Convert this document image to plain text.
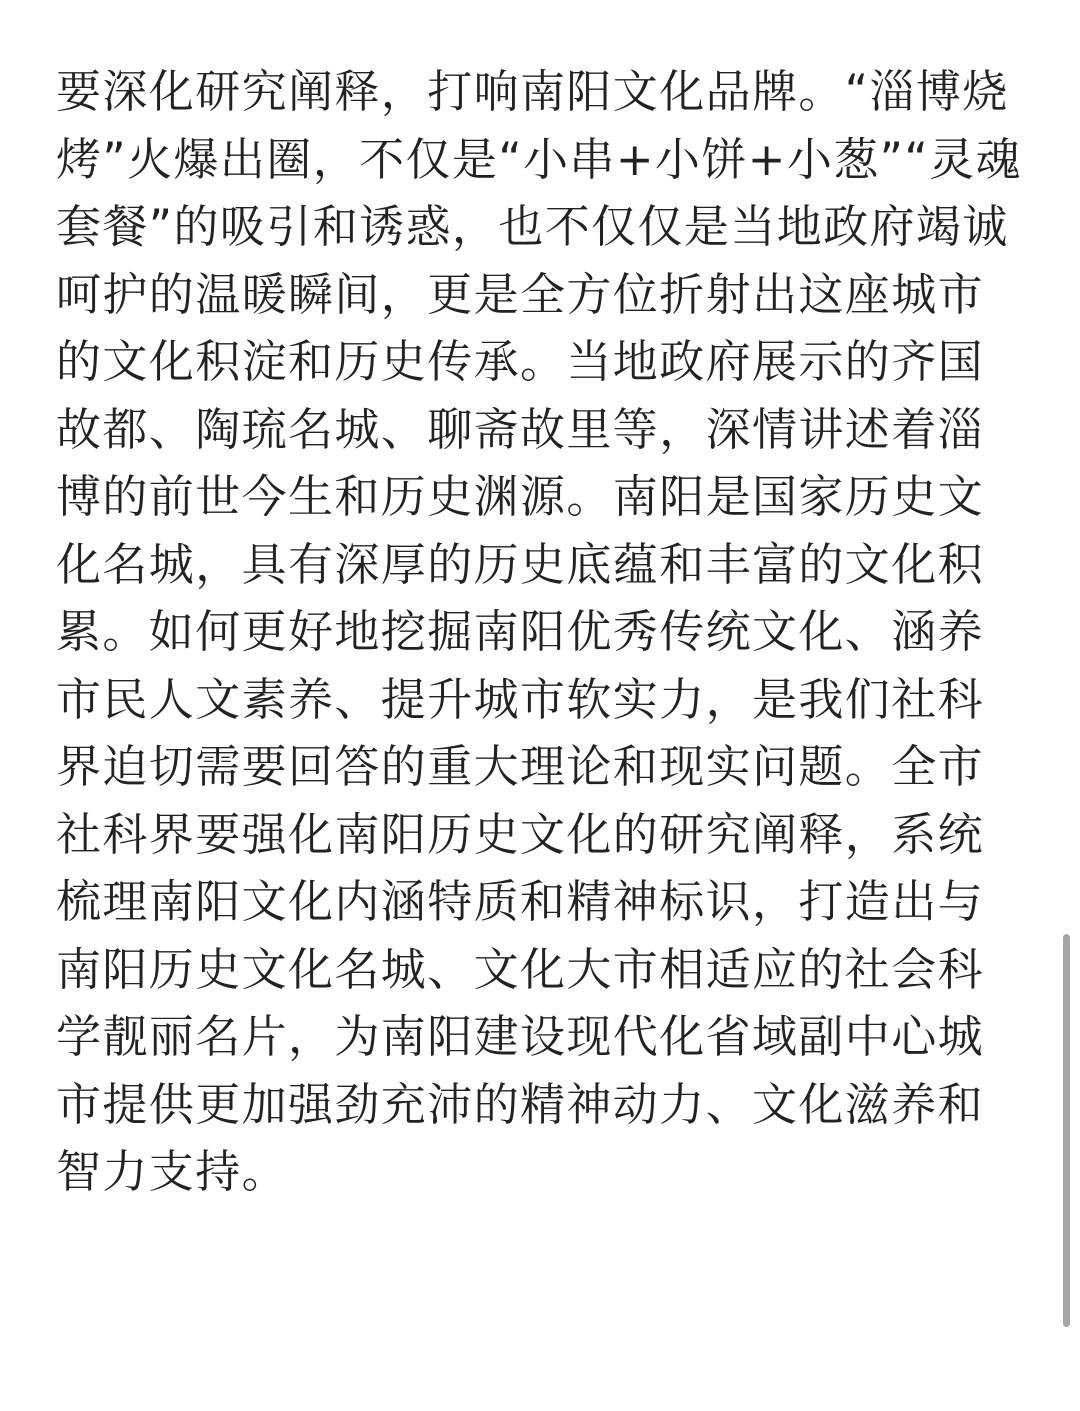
要深化研究阐释，打响南阳文化品牌。“淄博烧
烤”火爆出圈，不仅是“小串+小饼+小葱”“灵魂
套餐”的吸引和诱惑，也不仅仅是当地政府竭诚
呵护的温暖瞬间，更是全方位折射出这座城市
的文化积淀和历史传承。当地政府展示的齐国
故都、陶琉名城、聊斋故里等，深情讲述着淄
博的前世今生和历史渊源。南阳是国家历史文
化名城，具有深厚的历史底蕴和丰富的文化积
累。如何更好地挖掘南阳优秀传统文化、涵养
市民人文素养、提升城市软实力，是我们社科
界迫切需要回答的重大理论和现实问题。全市
社科界要强化南阳历史文化的研究阐释，系统
梳理南阳文化内涵特质和精神标识，打造出与
南阳历史文化名城、文化大市相适应的社会科
学靓丽名片，为南阳建设现代化省域副中心城
市提供更加强劲充沛的精神动力、文化滋养和
智力支持。
